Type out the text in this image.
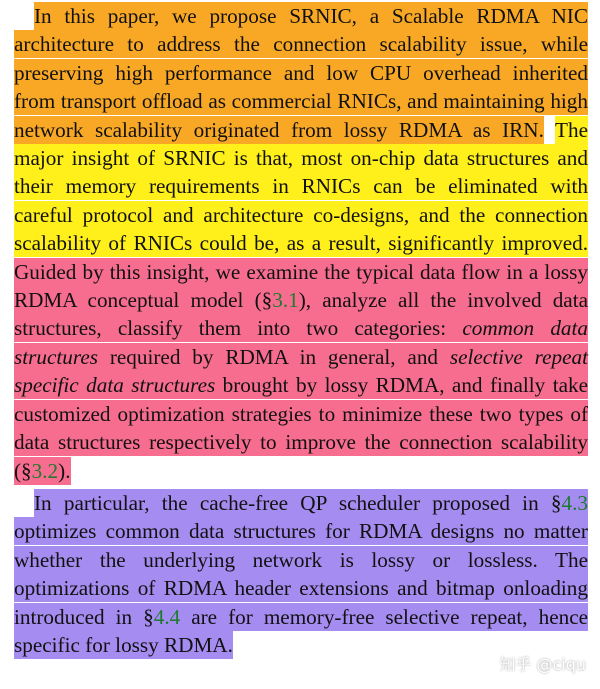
In this paper, we propose SRNIC, a Scalable RDMA NIC architecture to address the connection scalability issue, while preserving high performance and low CPU overhead inherited from transport offload as commercial RNICs, and maintaining high network scalability originated from lossy RDMA as IRN. The major insight of SRNIC is that, most on-chip data structures and their memory requirements in RNICs can be eliminated with careful protocol and architecture co-designs, and the connection scalability of RNICs could be, as a result, significantly improved. Guided by this insight, we examine the typical data flow in a lossy RDMA conceptual model (§3.1), analyze all the involved data structures, classify them into two categories: common data structures required by RDMA in general, and selective repeat specific data structures brought by lossy RDMA, and finally take customized optimization strategies to minimize these two types of data structures respectively to improve the connection scalability (§3.2).

In particular, the cache-free QP scheduler proposed in §4.3 optimizes common data structures for RDMA designs no matter whether the underlying network is lossy or lossless. The optimizations of RDMA header extensions and bitmap onloading introduced in §4.4 are for memory-free selective repeat, hence specific for lossy RDMA.

知乎 @ciqu
